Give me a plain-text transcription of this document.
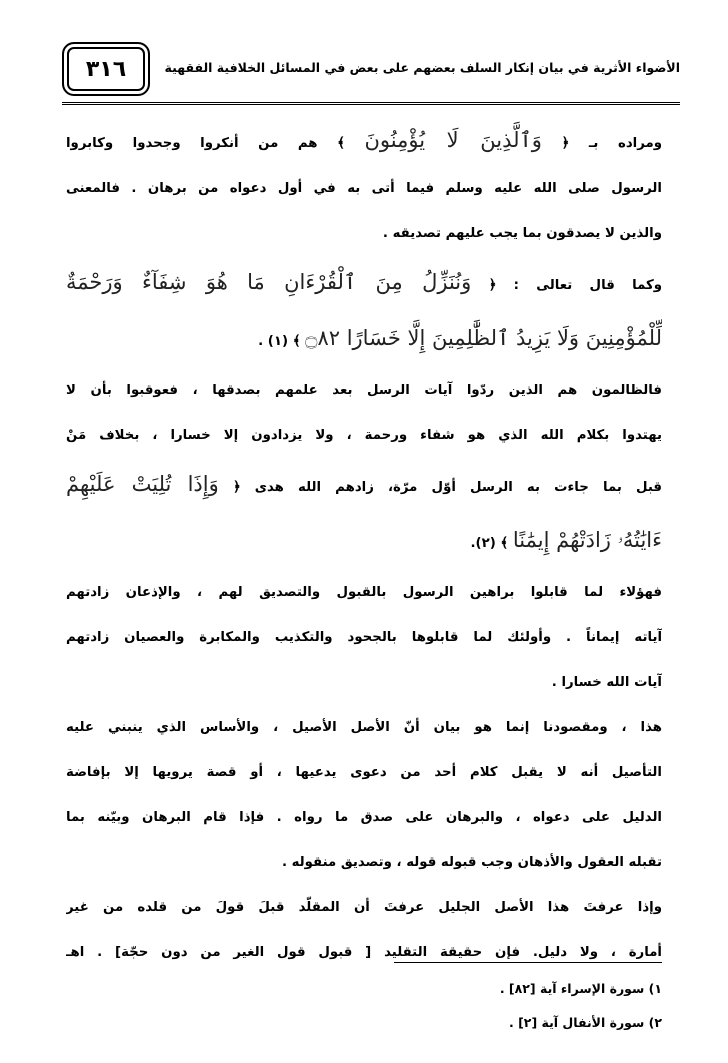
٣١٦	الأضواء الأثرية في بيان إنكار السلف بعضهم على بعض في المسائل الخلافية الفقهية
ومراده بـ ﴿ وَٱلَّذِينَ لَا يُؤْمِنُونَ ﴾ هم من أنكروا وجحدوا وكابروا
الرسول صلى الله عليه وسلم فيما أتى به في أول دعواه من برهان . فالمعنى
والذين لا يصدقون بما يجب عليهم تصديقه .
وكما قال تعالى : ﴿ وَنُنَزِّلُ مِنَ ٱلْقُرْءَانِ مَا هُوَ شِفَآءٌ وَرَحْمَةٌ
لِّلْمُؤْمِنِينَ وَلَا يَزِيدُ ٱلظَّٰلِمِينَ إِلَّا خَسَارًا ۝٨٢ ﴾ (١) .
فالظالمون هم الذين ردّوا آيات الرسل بعد علمهم بصدقها ، فعوقبوا بأن لا
يهتدوا بكلام الله الذي هو شفاء ورحمة ، ولا يزدادون إلا خسارا ، بخلاف مَنْ
قبل بما جاءت به الرسل أوّل مرّة، زادهم الله هدى ﴿ وَإِذَا تُلِيَتْ عَلَيْهِمْ
ءَايَٰتُهُۥ زَادَتْهُمْ إِيمَٰنًا ﴾ (٢).
فهؤلاء لما قابلوا براهين الرسول بالقبول والتصديق لهم ، والإذعان زادتهم
آياته إيماناً . وأولئك لما قابلوها بالجحود والتكذيب والمكابرة والعصيان زادتهم
آيات الله خسارا .
هذا ، ومقصودنا إنما هو بيان أنّ الأصل الأصيل ، والأساس الذي ينبني عليه
التأصيل أنه لا يقبل كلام أحد من دعوى يدعيها ، أو قصة يرويها إلا بإفاضة
الدليل على دعواه ، والبرهان على صدق ما رواه . فإذا قام البرهان وبيّنه بما
تقبله العقول والأذهان وجب قبوله قوله ، وتصديق منقوله .
وإذا عرفتَ هذا الأصل الجليل عرفتَ أن المقلّد قبلَ قولَ من قلده من غير
أمارة ، ولا دليل. فإن حقيقة التقليد [ قبول قول الغير من دون حجّة] . اهـ
١) سورة الإسراء آية [٨٢] .
٢) سورة الأنفال آية [٢] .
